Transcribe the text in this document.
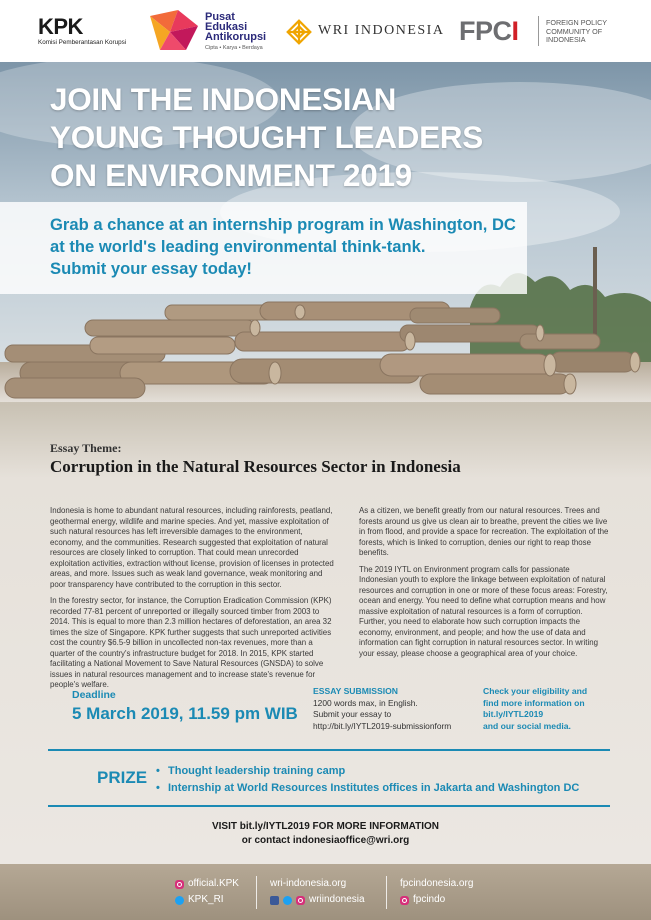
KPK
Komisi Pemberantasan Korupsi
Pusat
Edukasi
Antikorupsi
Cipta • Karya • Berdaya
WRI INDONESIA FPCI	FOREIGN POLICY COMMUNITY OF INDONESIA
JOIN THE INDONESIAN
YOUNG THOUGHT LEADERS
ON ENVIRONMENT 2019
Grab a chance at an internship program in Washington, DC
at the world's leading environmental think-tank.
Submit your essay today!
Essay Theme:
Corruption in the Natural Resources Sector in Indonesia

Indonesia is home to abundant natural resources, including rainforests, peatland, geothermal energy, wildlife and marine species. And yet, massive exploitation of such natural resources has left irreversible damages to the environment, economy, and the communities. Research suggested that exploitation of natural resources are closely linked to corruption. That could mean unrecorded exploitation activities, extraction without license, provision of licenses in protected areas, and more. Issues such as weak land governance, weak monitoring and poor transparency have contributed to the corruption in this sector.

In the forestry sector, for instance, the Corruption Eradication Commission (KPK) recorded 77-81 percent of unreported or illegally sourced timber from 2003 to 2014. This is equal to more than 2.3 million hectares of deforestation, an area 32 times the size of Singapore. KPK further suggests that such unreported activities cost the country $6.5-9 billion in uncollected non-tax revenues, more than a quarter of the country's infrastructure budget for 2018. In 2015, KPK started facilitating a National Movement to Save Natural Resources (GNSDA) to solve issues in natural resources management and to increase state's revenue for people's welfare.

As a citizen, we benefit greatly from our natural resources. Trees and forests around us give us clean air to breathe, prevent the cities we live in from flood, and provide a space for recreation. The exploitation of the forests, which is linked to corruption, denies our right to reap those benefits.

The 2019 IYTL on Environment program calls for passionate Indonesian youth to explore the linkage between exploitation of natural resources and corruption in one or more of these focus areas: Forestry, ocean and energy. You need to define what corruption means and how massive exploitation of natural resources is a form of corruption. Further, you need to elaborate how such corruption impacts the economy, environment, and people; and how the use of data and information can fight corruption in natural resources sector. In writing your essay, please choose a geographical area of your choice.

Deadline
5 March 2019, 11.59 pm WIB
ESSAY SUBMISSION
1200 words max, in English.
Submit your essay to
http://bit.ly/IYTL2019-submissionform
Check your eligibility and
find more information on
bit.ly/IYTL2019
and our social media.
PRIZE • Thought leadership training camp
• Internship at World Resources Institutes offices in Jakarta and Washington DC
VISIT bit.ly/IYTL2019 FOR MORE INFORMATION
or contact indonesiaoffice@wri.org
official.KPK
KPK_RI
wri-indonesia.org
wriindonesia
fpcindonesia.org
fpcindo
